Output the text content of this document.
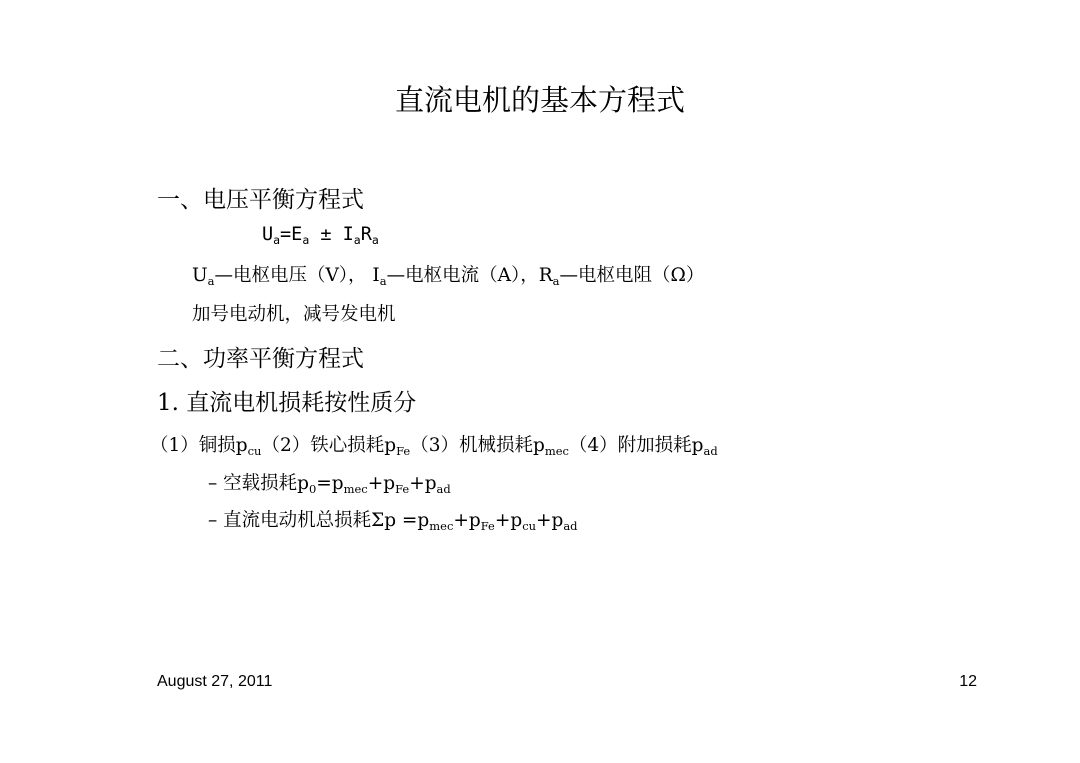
直流电机的基本方程式
一、电压平衡方程式
$U_a=E_a \pm I_aR_a$
$U_a—$电枢电压（V）， $I_a—$电枢电流（A），$R_a—$电枢电阻（Ω）
加号电动机，减号发电机
二、功率平衡方程式
1. 直流电机损耗按性质分
（1）铜损$p_{cu}(2)$铁心损耗$p_{Fe}(3)$机械损耗$p_{mec}(4)$附加损耗$p_{ad}$
– 空载损耗$p_0=p_{mec}+p_{Fe}+p_{ad}$
– 直流电动机总损耗$\Sigma p =p_{mec}+p_{Fe}+p_{cu}+p_{ad}$
August 27, 2011	12
